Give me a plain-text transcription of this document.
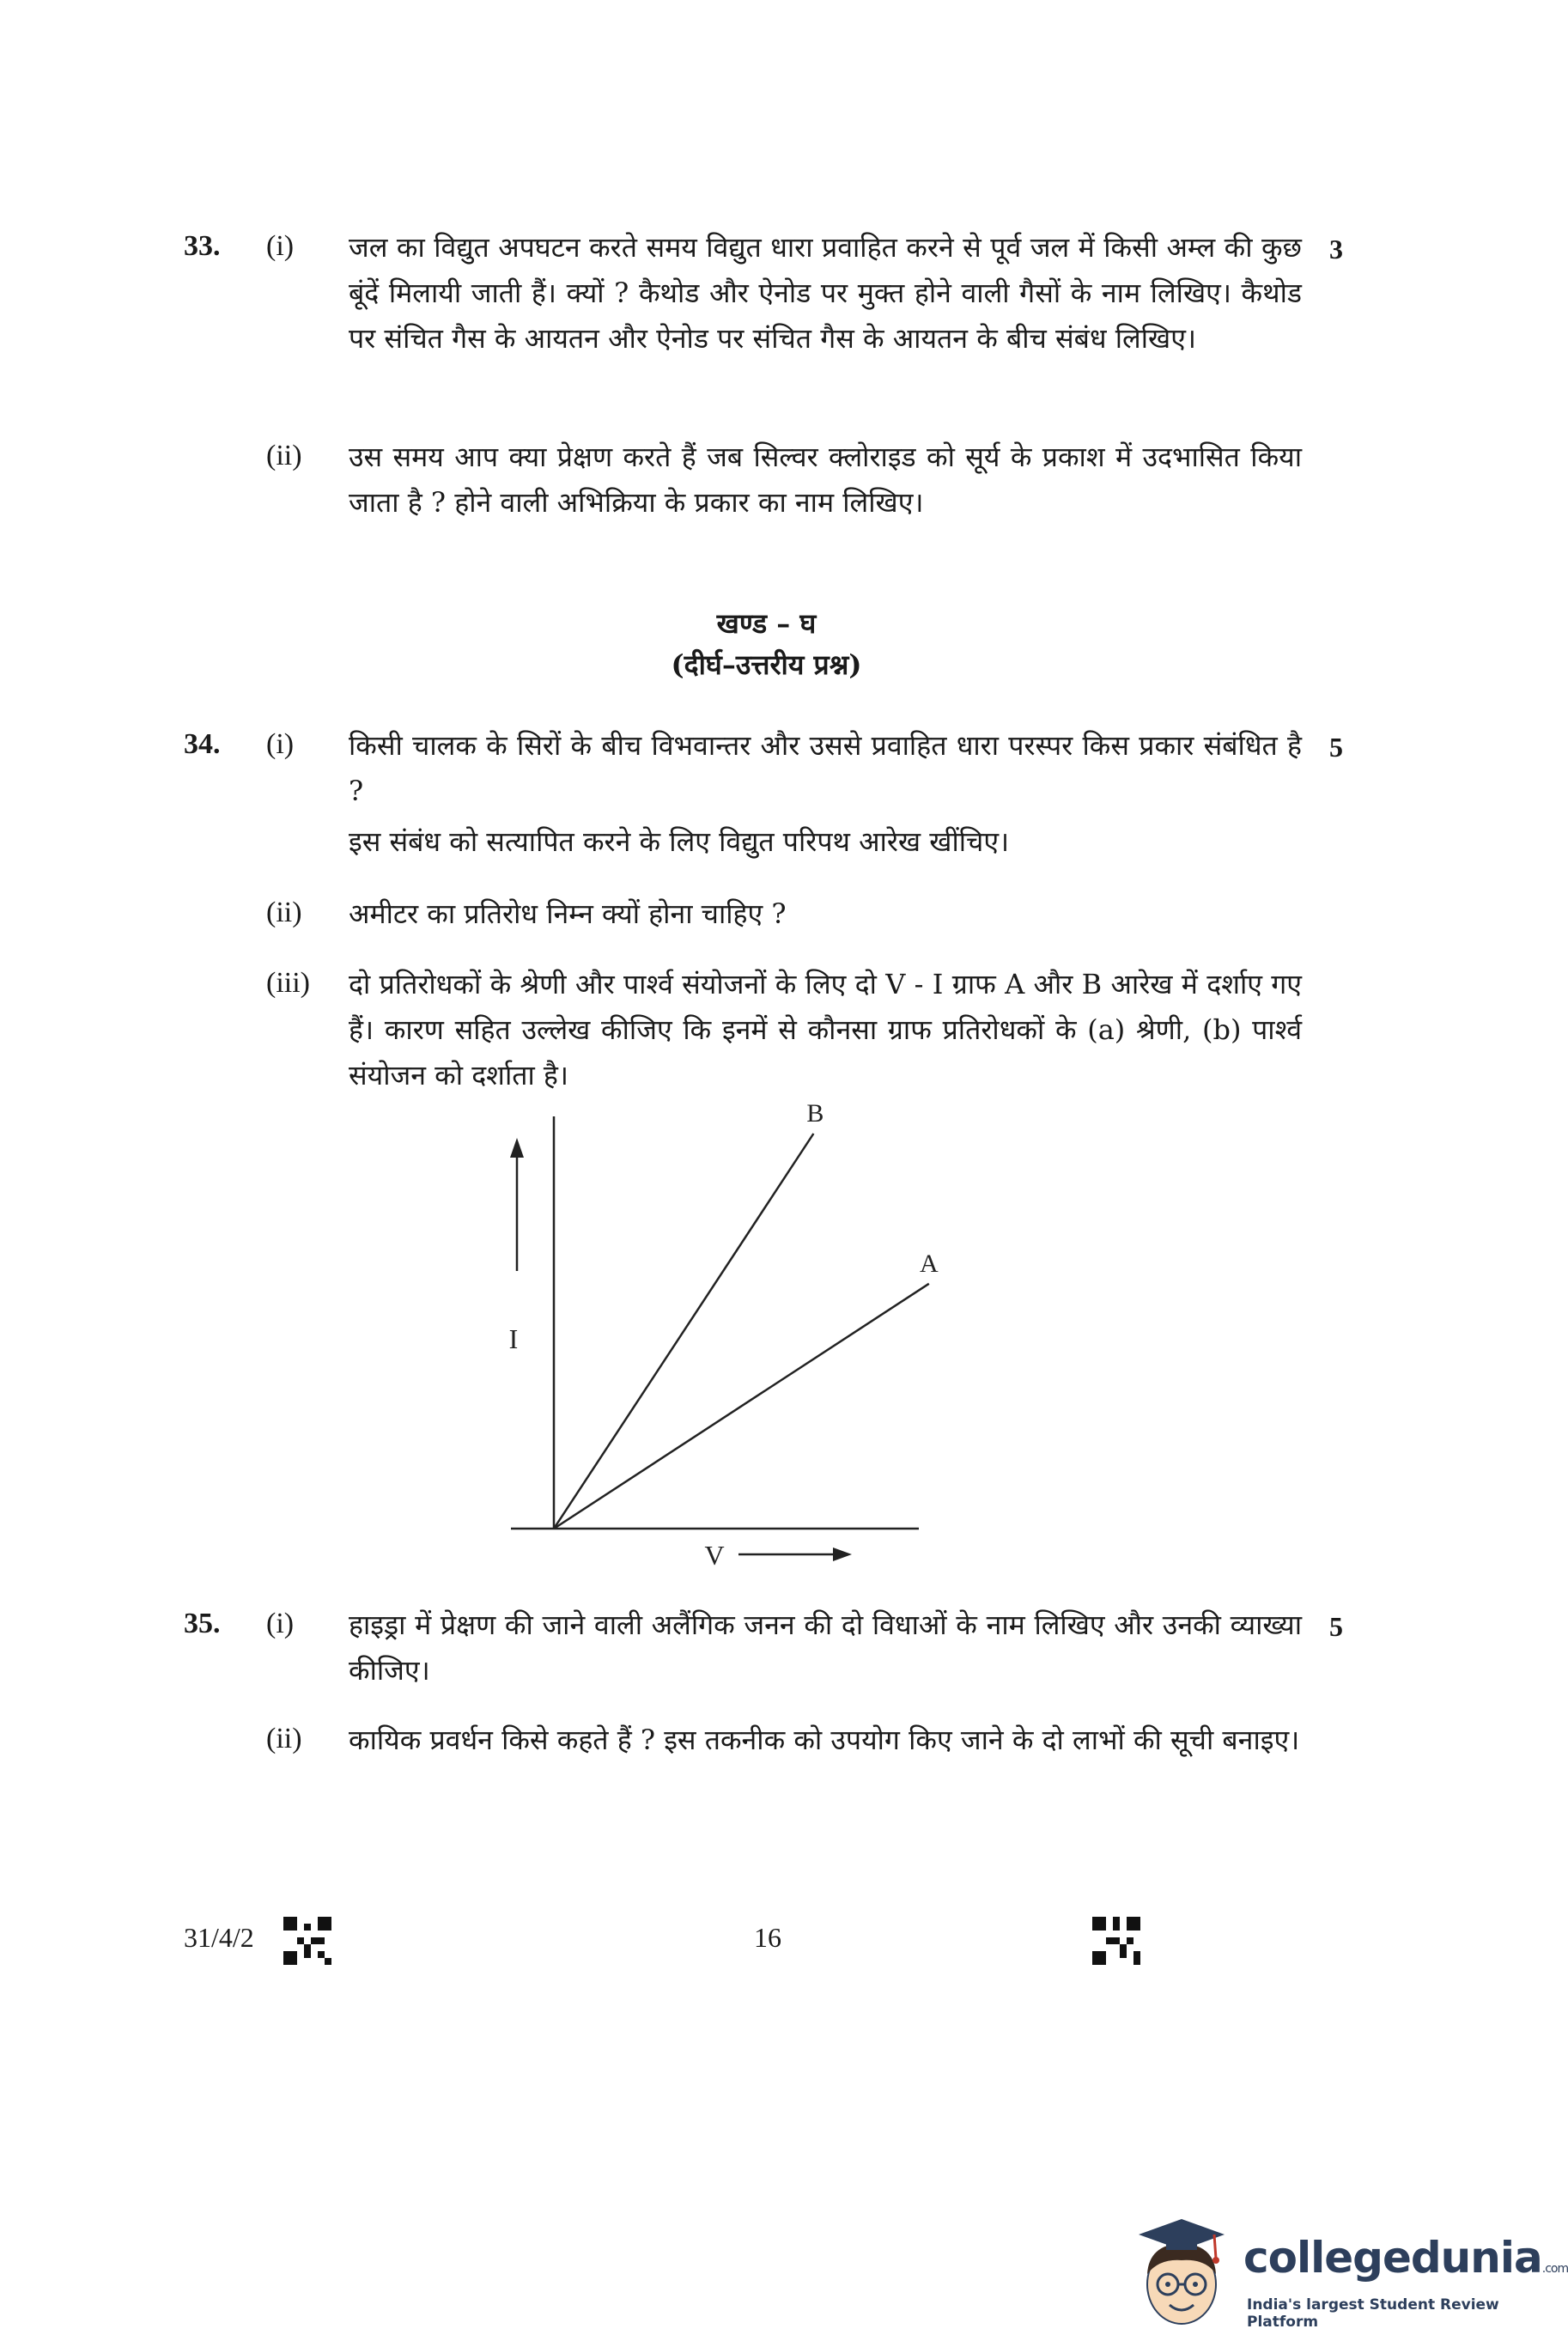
33.	3
(i) जल का विद्युत अपघटन करते समय विद्युत धारा प्रवाहित करने से पूर्व जल में किसी अम्ल की कुछ बूंदें मिलायी जाती हैं। क्यों ? कैथोड और ऐनोड पर मुक्त होने वाली गैसों के नाम लिखिए। कैथोड पर संचित गैस के आयतन और ऐनोड पर संचित गैस के आयतन के बीच संबंध लिखिए।
(ii) उस समय आप क्या प्रेक्षण करते हैं जब सिल्वर क्लोराइड को सूर्य के प्रकाश में उदभासित किया जाता है ? होने वाली अभिक्रिया के प्रकार का नाम लिखिए।
खण्ड – घ
(दीर्घ–उत्तरीय प्रश्न)
34.	5
(i) किसी चालक के सिरों के बीच विभवान्तर और उससे प्रवाहित धारा परस्पर किस प्रकार संबंधित है ?

इस संबंध को सत्यापित करने के लिए विद्युत परिपथ आरेख खींचिए।

(ii) अमीटर का प्रतिरोध निम्न क्यों होना चाहिए ?
(iii) दो प्रतिरोधकों के श्रेणी और पार्श्व संयोजनों के लिए दो V - I ग्राफ A और B आरेख में दर्शाए गए हैं। कारण सहित उल्लेख कीजिए कि इनमें से कौनसा ग्राफ प्रतिरोधकों के (a) श्रेणी, (b) पार्श्व संयोजन को दर्शाता है।
I
V
B
A
35.	5
(i) हाइड्रा में प्रेक्षण की जाने वाली अलैंगिक जनन की दो विधाओं के नाम लिखिए और उनकी व्याख्या कीजिए।
(ii) कायिक प्रवर्धन किसे कहते हैं ? इस तकनीक को उपयोग किए जाने के दो लाभों की सूची बनाइए।
31/4/2	16
collegedunia.com
India's largest Student Review Platform
